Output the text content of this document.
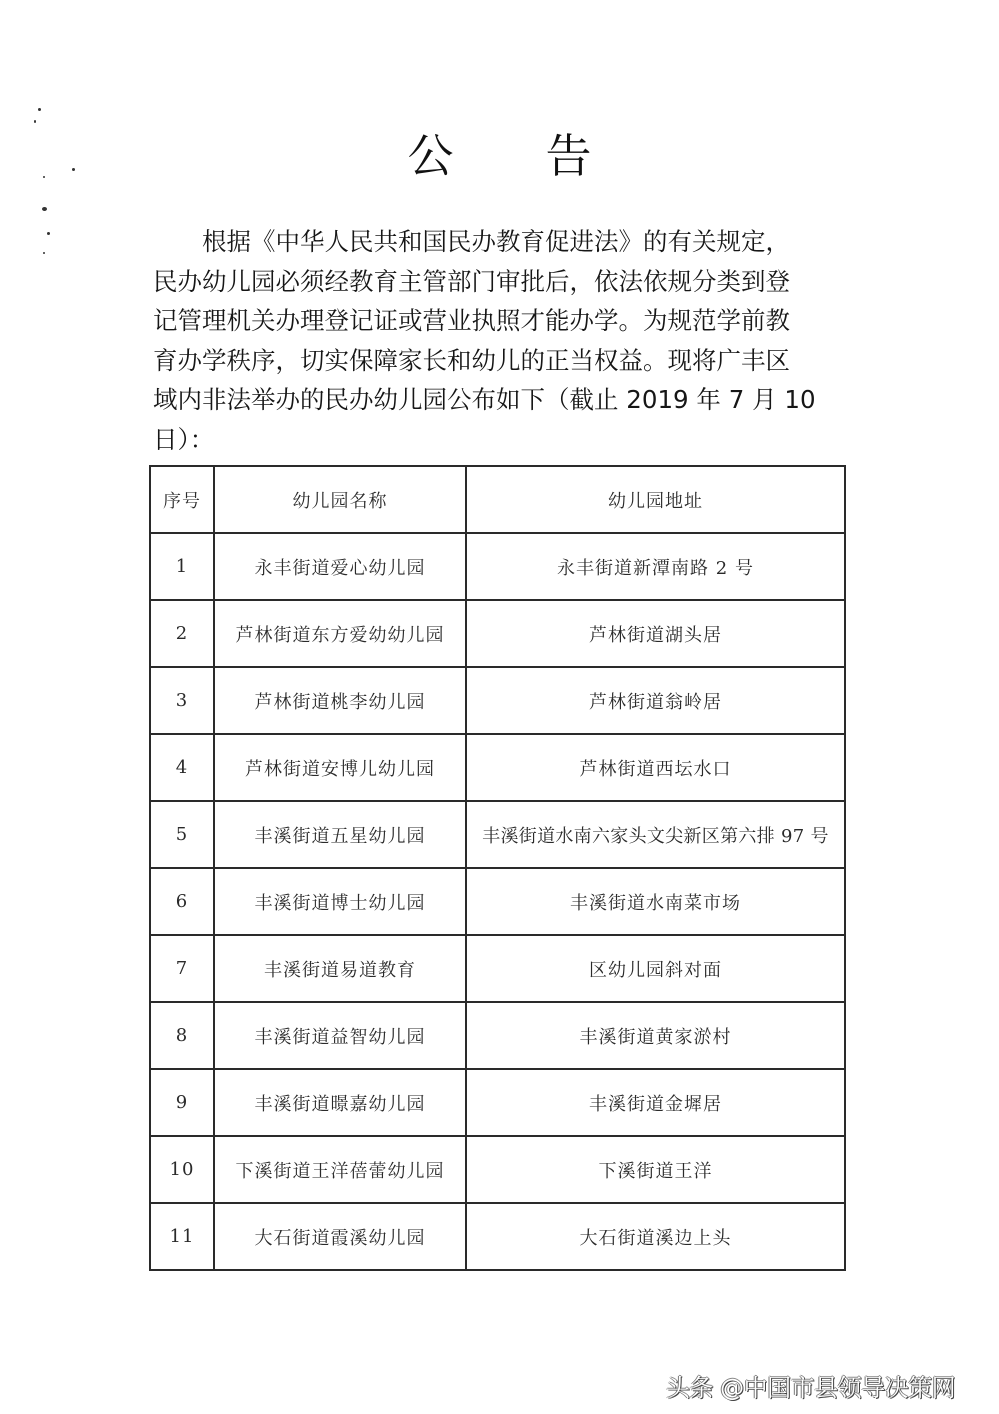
公 告
根据《中华人民共和国民办教育促进法》的有关规定，
民办幼儿园必须经教育主管部门审批后，依法依规分类到登
记管理机关办理登记证或营业执照才能办学。为规范学前教
育办学秩序，切实保障家长和幼儿的正当权益。现将广丰区
域内非法举办的民办幼儿园公布如下（截止 2019 年 7 月 10
日）：
序号	幼儿园名称	幼儿园地址
1	永丰街道爱心幼儿园	永丰街道新潭南路 2 号
2	芦林街道东方爱幼幼儿园	芦林街道湖头居
3	芦林街道桃李幼儿园	芦林街道翁岭居
4	芦林街道安博儿幼儿园	芦林街道西坛水口
5	丰溪街道五星幼儿园	丰溪街道水南六家头文尖新区第六排 97 号
6	丰溪街道博士幼儿园	丰溪街道水南菜市场
7	丰溪街道易道教育	区幼儿园斜对面
8	丰溪街道益智幼儿园	丰溪街道黄家淤村
9	丰溪街道暻嘉幼儿园	丰溪街道金墀居
10	下溪街道王洋蓓蕾幼儿园	下溪街道王洋
11	大石街道霞溪幼儿园	大石街道溪边上头
头条 @中国市县领导决策网
